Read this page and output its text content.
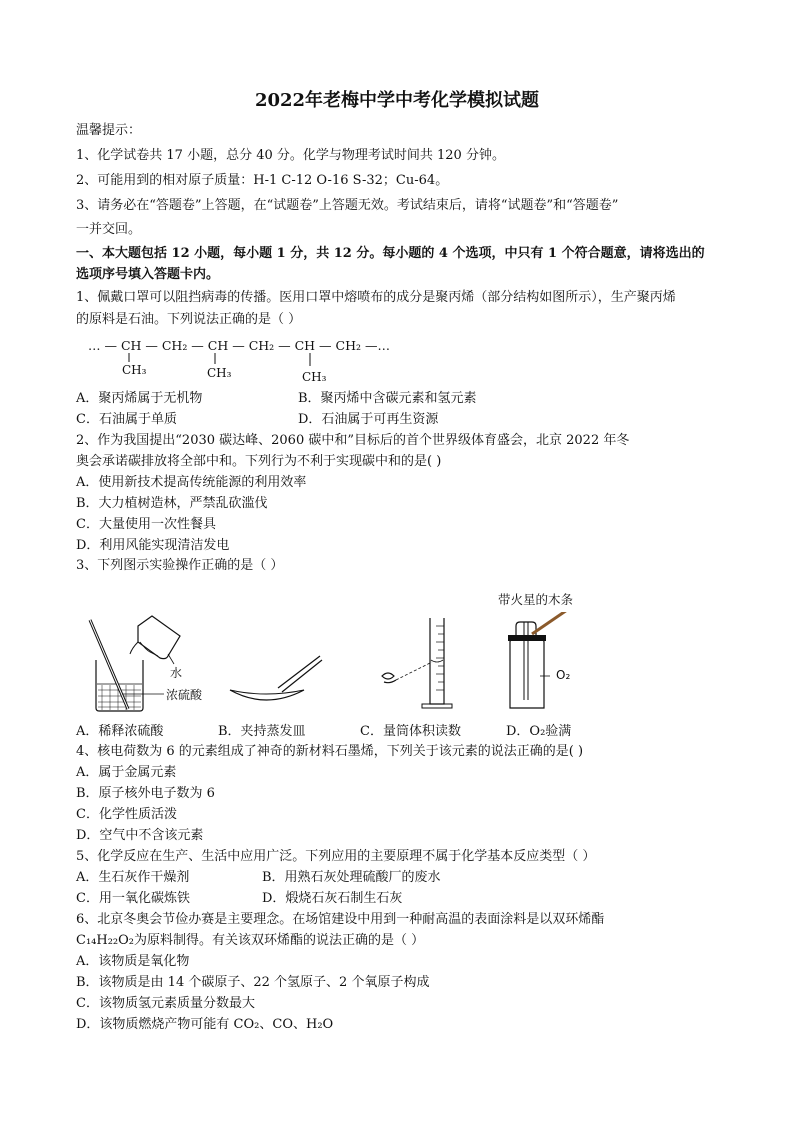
2022年老梅中学中考化学模拟试题
温馨提示：
1、化学试卷共 17 小题，总分 40 分。化学与物理考试时间共 120 分钟。
2、可能用到的相对原子质量：H-1 C-12 O-16 S-32；Cu-64。
3、请务必在“答题卷”上答题，在“试题卷”上答题无效。考试结束后，请将“试题卷”和“答题卷”
一并交回。
一、本大题包括 12 小题，每小题 1 分，共 12 分。每小题的 4 个选项，中只有 1 个符合题意，请将选出的
选项序号填入答题卡内。
1、佩戴口罩可以阻挡病毒的传播。医用口罩中熔喷布的成分是聚丙烯（部分结构如图所示），生产聚丙烯
的原料是石油。下列说法正确的是（ ）
… — CH — CH₂ — CH — CH₂ — CH — CH₂ —…
CH₃	CH₃	CH₃
A．聚丙烯属于无机物	B．聚丙烯中含碳元素和氢元素
C．石油属于单质	D．石油属于可再生资源
2、作为我国提出“2030 碳达峰、2060 碳中和”目标后的首个世界级体育盛会，北京 2022 年冬
奥会承诺碳排放将全部中和。下列行为不利于实现碳中和的是( )
A．使用新技术提高传统能源的利用效率
B．大力植树造林，严禁乱砍滥伐
C．大量使用一次性餐具
D．利用风能实现清洁发电
3、下列图示实验操作正确的是（ ）
水
浓硫酸
带火星的木条
O₂
A．稀释浓硫酸	B．夹持蒸发皿	C．量筒体积读数	D．O₂验满
4、核电荷数为 6 的元素组成了神奇的新材料石墨烯，下列关于该元素的说法正确的是( )
A．属于金属元素
B．原子核外电子数为 6
C．化学性质活泼
D．空气中不含该元素
5、化学反应在生产、生活中应用广泛。下列应用的主要原理不属于化学基本反应类型（ ）
A．生石灰作干燥剂	B．用熟石灰处理硫酸厂的废水
C．用一氧化碳炼铁	D．煅烧石灰石制生石灰
6、北京冬奥会节俭办赛是主要理念。在场馆建设中用到一种耐高温的表面涂料是以双环烯酯
C₁₄H₂₂O₂为原料制得。有关该双环烯酯的说法正确的是（ ）
A．该物质是氧化物
B．该物质是由 14 个碳原子、22 个氢原子、2 个氧原子构成
C．该物质氢元素质量分数最大
D．该物质燃烧产物可能有 CO₂、CO、H₂O
